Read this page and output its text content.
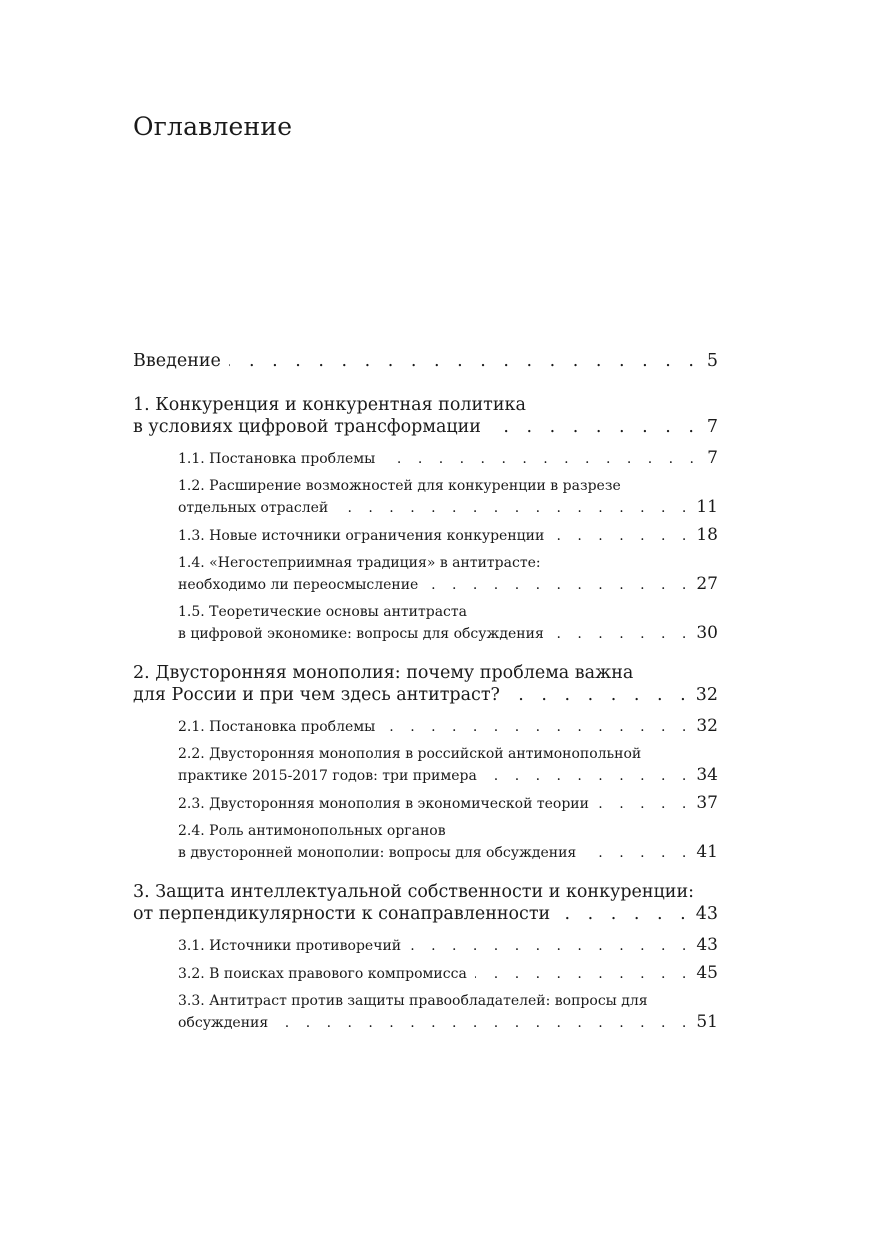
Оглавление
Введение . . .	5
1. Конкуренция и конкурентная политика
в условиях цифровой трансформации . . .	7
1.1. Постановка проблемы . . .	7
1.2. Расширение возможностей для конкуренции в разрезе
отдельных отраслей . . .	11
1.3. Новые источники ограничения конкуренции . . .	18
1.4. «Негостеприимная традиция» в антитрасте:
необходимо ли переосмысление . . .	27
1.5. Теоретические основы антитраста
в цифровой экономике: вопросы для обсуждения . . .	30
2. Двусторонняя монополия: почему проблема важна
для России и при чем здесь антитраст? . . .	32
2.1. Постановка проблемы . . .	32
2.2. Двусторонняя монополия в российской антимонопольной
практике 2015-2017 годов: три примера . . .	34
2.3. Двусторонняя монополия в экономической теории . . .	37
2.4. Роль антимонопольных органов
в двусторонней монополии: вопросы для обсуждения . . .	41
3. Защита интеллектуальной собственности и конкуренции:
от перпендикулярности к сонаправленности . . .	43
3.1. Источники противоречий . . .	43
3.2. В поисках правового компромисса . . .	45
3.3. Антитраст против защиты правообладателей: вопросы для
обсуждения . . .	51
